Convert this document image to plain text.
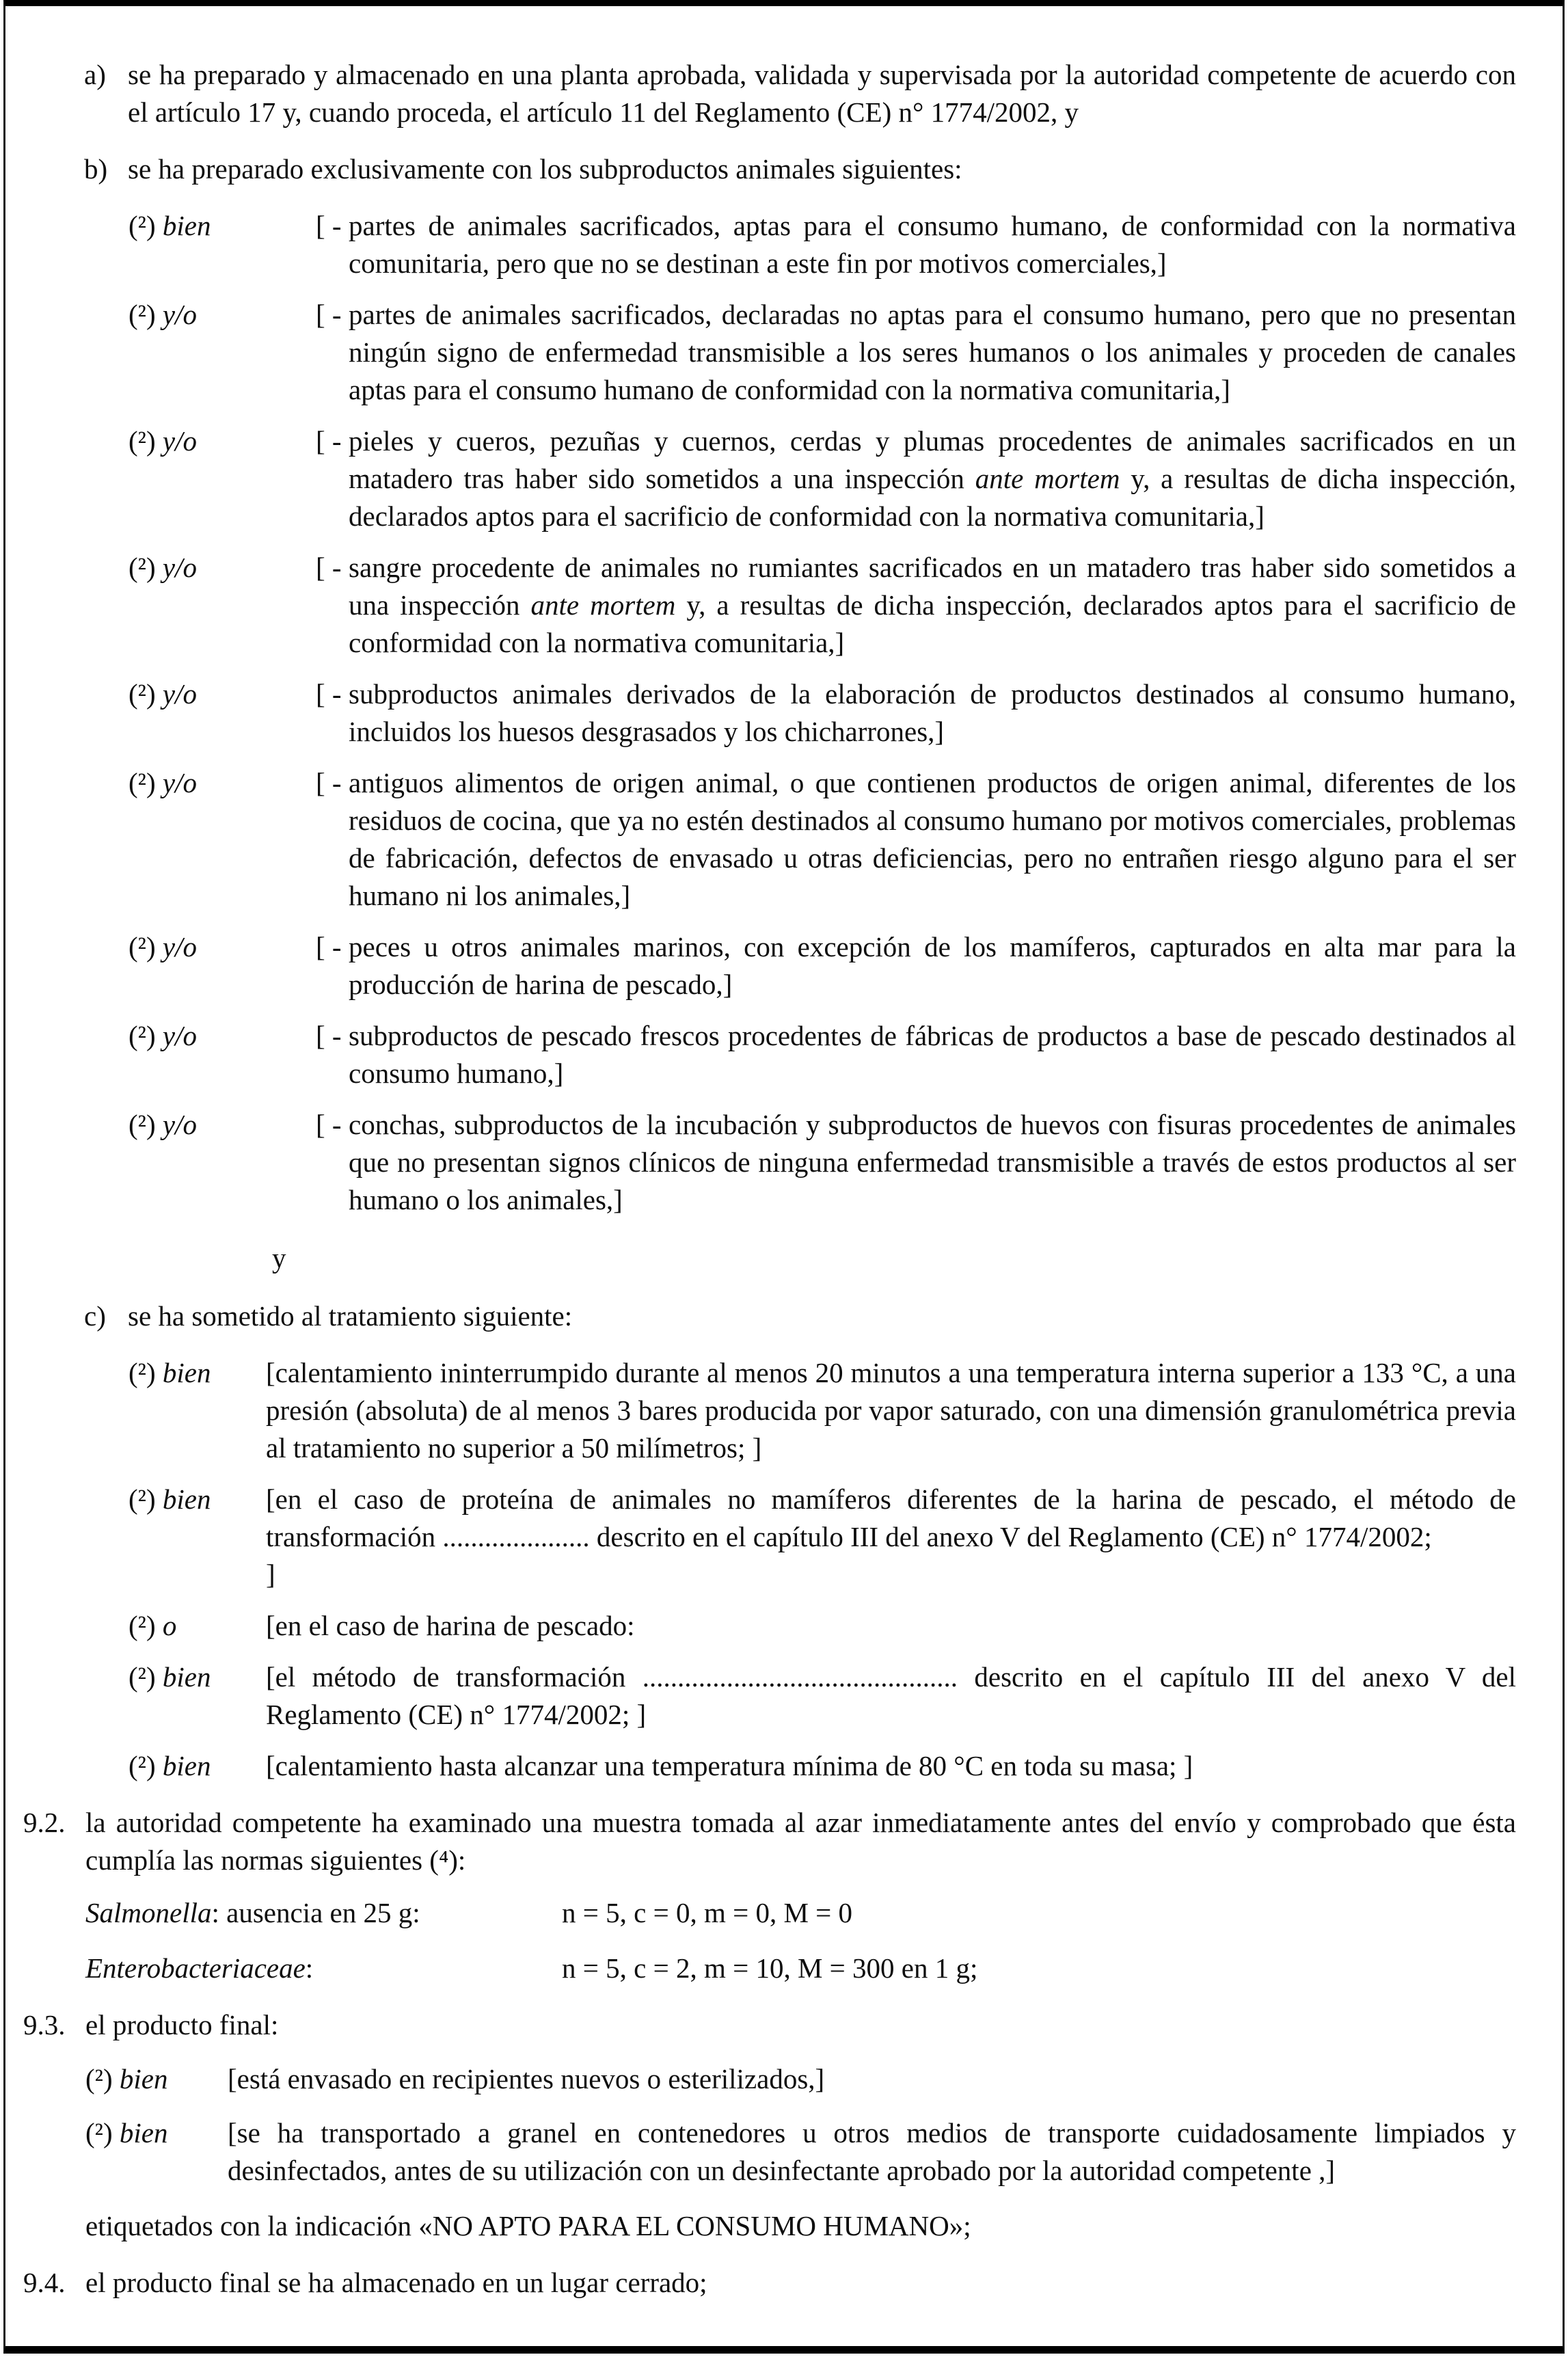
a) se ha preparado y almacenado en una planta aprobada, validada y supervisada por la autoridad competente de acuerdo con el artículo 17 y, cuando proceda, el artículo 11 del Reglamento (CE) n° 1774/2002, y
b) se ha preparado exclusivamente con los subproductos animales siguientes:
(²) bien	[ - partes de animales sacrificados, aptas para el consumo humano, de conformidad con la normativa comunitaria, pero que no se destinan a este fin por motivos comerciales,]
(²) y/o	[ - partes de animales sacrificados, declaradas no aptas para el consumo humano, pero que no presentan ningún signo de enfermedad transmisible a los seres humanos o los animales y proceden de canales aptas para el consumo humano de conformidad con la normativa comunitaria,]
(²) y/o	[ - pieles y cueros, pezuñas y cuernos, cerdas y plumas procedentes de animales sacrificados en un matadero tras haber sido sometidos a una inspección ante mortem y, a resultas de dicha inspección, declarados aptos para el sacrificio de conformidad con la normativa comunitaria,]
(²) y/o	[ - sangre procedente de animales no rumiantes sacrificados en un matadero tras haber sido sometidos a una inspección ante mortem y, a resultas de dicha inspección, declarados aptos para el sacrificio de conformidad con la normativa comunitaria,]
(²) y/o	[ - subproductos animales derivados de la elaboración de productos destinados al consumo humano, incluidos los huesos desgrasados y los chicharrones,]
(²) y/o	[ - antiguos alimentos de origen animal, o que contienen productos de origen animal, diferentes de los residuos de cocina, que ya no estén destinados al consumo humano por motivos comerciales, problemas de fabricación, defectos de envasado u otras deficiencias, pero no entrañen riesgo alguno para el ser humano ni los animales,]
(²) y/o	[ - peces u otros animales marinos, con excepción de los mamíferos, capturados en alta mar para la producción de harina de pescado,]
(²) y/o	[ - subproductos de pescado frescos procedentes de fábricas de productos a base de pescado destinados al consumo humano,]
(²) y/o	[ - conchas, subproductos de la incubación y subproductos de huevos con fisuras procedentes de animales que no presentan signos clínicos de ninguna enfermedad transmisible a través de estos productos al ser humano o los animales,]
y
c) se ha sometido al tratamiento siguiente:
(²) bien [calentamiento ininterrumpido durante al menos 20 minutos a una temperatura interna superior a 133 °C, a una presión (absoluta) de al menos 3 bares producida por vapor saturado, con una dimensión granulométrica previa al tratamiento no superior a 50 milímetros; ]
(²) bien [en el caso de proteína de animales no mamíferos diferentes de la harina de pescado, el método de transformación ..................... descrito en el capítulo III del anexo V del Reglamento (CE) n° 1774/2002;
]
(²) o	[en el caso de harina de pescado:
(²) bien [el método de transformación ............................................. descrito en el capítulo III del anexo V del Reglamento (CE) n° 1774/2002; ]
(²) bien [calentamiento hasta alcanzar una temperatura mínima de 80 °C en toda su masa; ]
9.2. la autoridad competente ha examinado una muestra tomada al azar inmediatamente antes del envío y comprobado que ésta cumplía las normas siguientes (⁴):
Salmonella: ausencia en 25 g:	n = 5, c = 0, m = 0, M = 0
Enterobacteriaceae:	n = 5, c = 2, m = 10, M = 300 en 1 g;
9.3. el producto final:
(²) bien [está envasado en recipientes nuevos o esterilizados,]
(²) bien [se ha transportado a granel en contenedores u otros medios de transporte cuidadosamente limpiados y desinfectados, antes de su utilización con un desinfectante aprobado por la autoridad competente ,]
etiquetados con la indicación «NO APTO PARA EL CONSUMO HUMANO»;
9.4. el producto final se ha almacenado en un lugar cerrado;
